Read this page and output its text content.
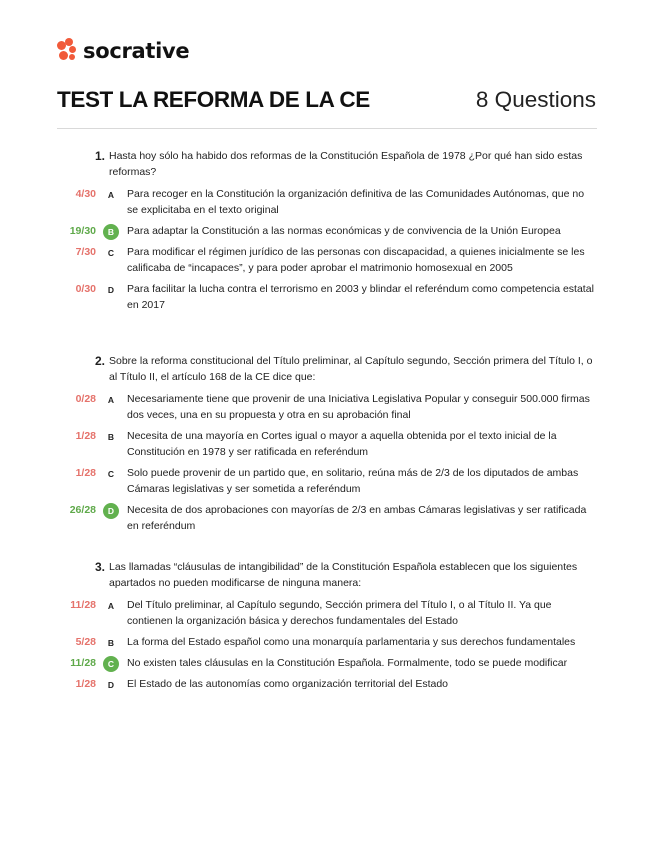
socrative
TEST LA REFORMA DE LA CE	8 Questions
1. Hasta hoy sólo ha habido dos reformas de la Constitución Española de 1978 ¿Por qué han sido estas reformas?
4/30	A	Para recoger en la Constitución la organización definitiva de las Comunidades Autónomas, que no se explicitaba en el texto original
19/30	B	Para adaptar la Constitución a las normas económicas y de convivencia de la Unión Europea
7/30	C	Para modificar el régimen jurídico de las personas con discapacidad, a quienes inicialmente se les calificaba de “incapaces”, y para poder aprobar el matrimonio homosexual en 2005
0/30	D	Para facilitar la lucha contra el terrorismo en 2003 y blindar el referéndum como competencia estatal en 2017
2. Sobre la reforma constitucional del Título preliminar, al Capítulo segundo, Sección primera del Título I, o al Título II, el artículo 168 de la CE dice que:
0/28	A	Necesariamente tiene que provenir de una Iniciativa Legislativa Popular y conseguir 500.000 firmas dos veces, una en su propuesta y otra en su aprobación final
1/28	B	Necesita de una mayoría en Cortes igual o mayor a aquella obtenida por el texto inicial de la Constitución en 1978 y ser ratificada en referéndum
1/28	C	Solo puede provenir de un partido que, en solitario, reúna más de 2/3 de los diputados de ambas Cámaras legislativas y ser sometida a referéndum
26/28	D	Necesita de dos aprobaciones con mayorías de 2/3 en ambas Cámaras legislativas y ser ratificada en referéndum
3. Las llamadas “cláusulas de intangibilidad” de la Constitución Española establecen que los siguientes apartados no pueden modificarse de ninguna manera:
11/28	A	Del Título preliminar, al Capítulo segundo, Sección primera del Título I, o al Título II. Ya que contienen la organización básica y derechos fundamentales del Estado
5/28	B	La forma del Estado español como una monarquía parlamentaria y sus derechos fundamentales
11/28	C	No existen tales cláusulas en la Constitución Española. Formalmente, todo se puede modificar
1/28	D	El Estado de las autonomías como organización territorial del Estado
